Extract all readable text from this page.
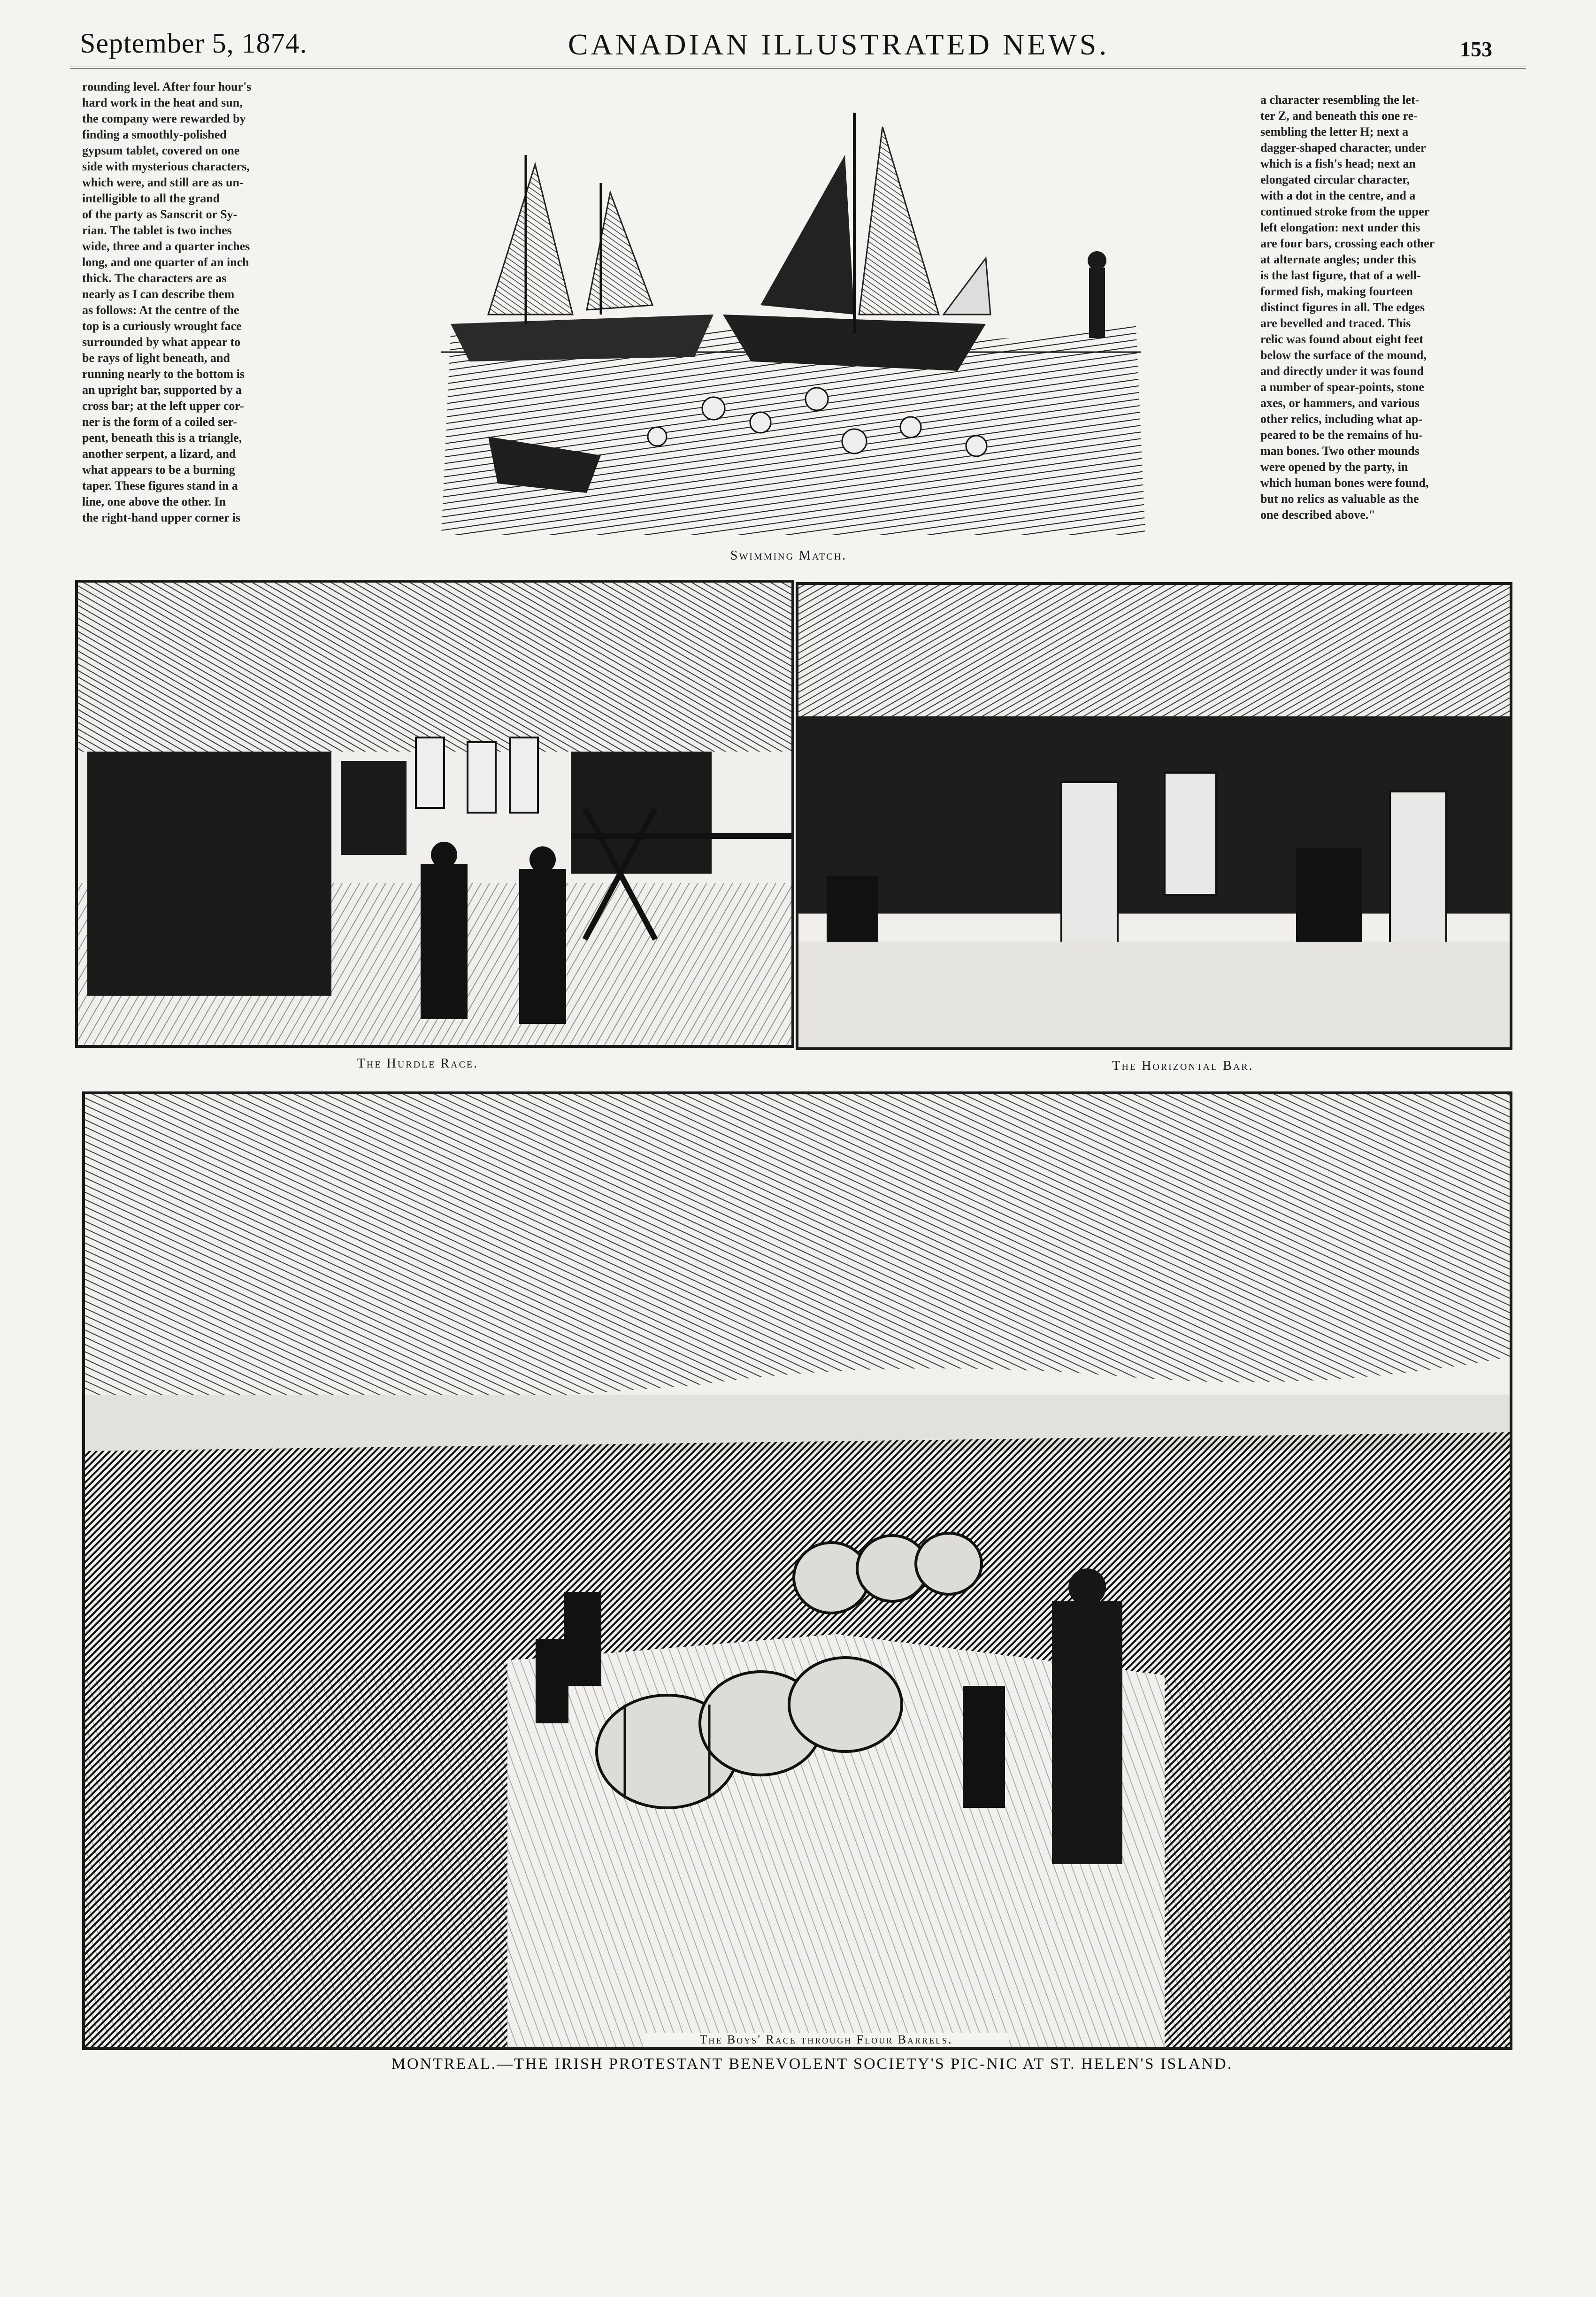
September 5, 1874.	CANADIAN ILLUSTRATED NEWS.	153
rounding level. After four hour's
hard work in the heat and sun,
the company were rewarded by
finding a smoothly-polished
gypsum tablet, covered on one
side with mysterious characters,
which were, and still are as un-
intelligible to all the grand
of the party as Sanscrit or Sy-
rian. The tablet is two inches
wide, three and a quarter inches
long, and one quarter of an inch
thick. The characters are as
nearly as I can describe them
as follows: At the centre of the
top is a curiously wrought face
surrounded by what appear to
be rays of light beneath, and
running nearly to the bottom is
an upright bar, supported by a
cross bar; at the left upper cor-
ner is the form of a coiled ser-
pent, beneath this is a triangle,
another serpent, a lizard, and
what appears to be a burning
taper. These figures stand in a
line, one above the other. In
the right-hand upper corner is
a character resembling the let-
ter Z, and beneath this one re-
sembling the letter H; next a
dagger-shaped character, under
which is a fish's head; next an
elongated circular character,
with a dot in the centre, and a
continued stroke from the upper
left elongation: next under this
are four bars, crossing each other
at alternate angles; under this
is the last figure, that of a well-
formed fish, making fourteen
distinct figures in all. The edges
are bevelled and traced. This
relic was found about eight feet
below the surface of the mound,
and directly under it was found
a number of spear-points, stone
axes, or hammers, and various
other relics, including what ap-
peared to be the remains of hu-
man bones. Two other mounds
were opened by the party, in
which human bones were found,
but no relics as valuable as the
one described above."
Swimming Match.
The Hurdle Race.	The Horizontal Bar.
The Boys' Race through Flour Barrels.
MONTREAL.—THE IRISH PROTESTANT BENEVOLENT SOCIETY'S PIC-NIC AT ST. HELEN'S ISLAND.
